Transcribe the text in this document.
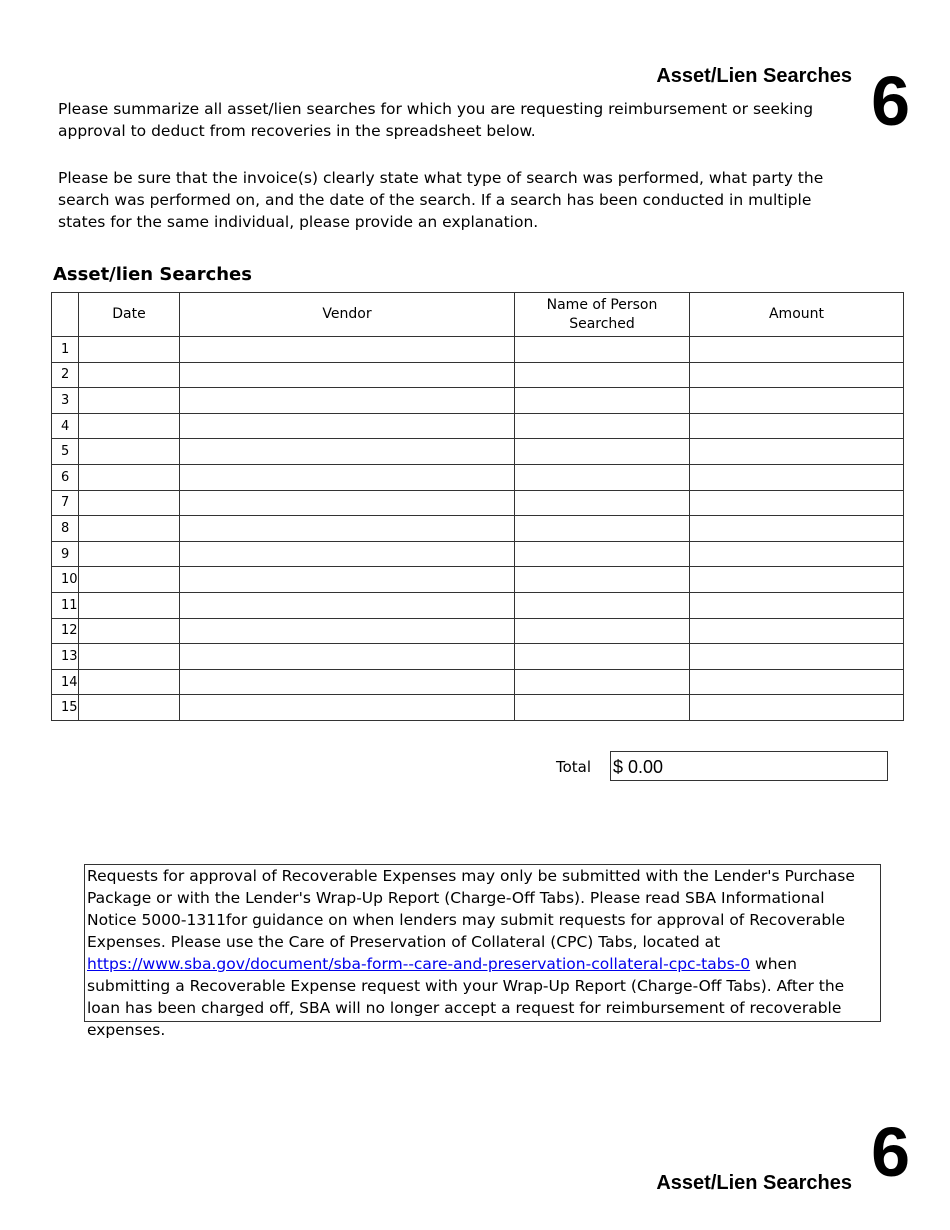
Asset/Lien Searches 6

Please summarize all asset/lien searches for which you are requesting reimbursement or seeking approval to deduct from recoveries in the spreadsheet below.

Please be sure that the invoice(s) clearly state what type of search was performed, what party the search was performed on, and the date of the search. If a search has been conducted in multiple states for the same individual, please provide an explanation.

Asset/lien Searches
	Date	Vendor	Name of Person Searched	Amount
1				
2				
3				
4				
5				
6				
7				
8				
9				
10				
11				
12				
13				
14				
15				
Total $ 0.00

Requests for approval of Recoverable Expenses may only be submitted with the Lender's Purchase Package or with the Lender's Wrap-Up Report (Charge-Off Tabs). Please read SBA Informational Notice 5000-1311for guidance on when lenders may submit requests for approval of Recoverable Expenses. Please use the Care of Preservation of Collateral (CPC) Tabs, located at https://www.sba.gov/document/sba-form--care-and-preservation-collateral-cpc-tabs-0 when submitting a Recoverable Expense request with your Wrap-Up Report (Charge-Off Tabs). After the loan has been charged off, SBA will no longer accept a request for reimbursement of recoverable expenses.

Asset/Lien Searches 6
